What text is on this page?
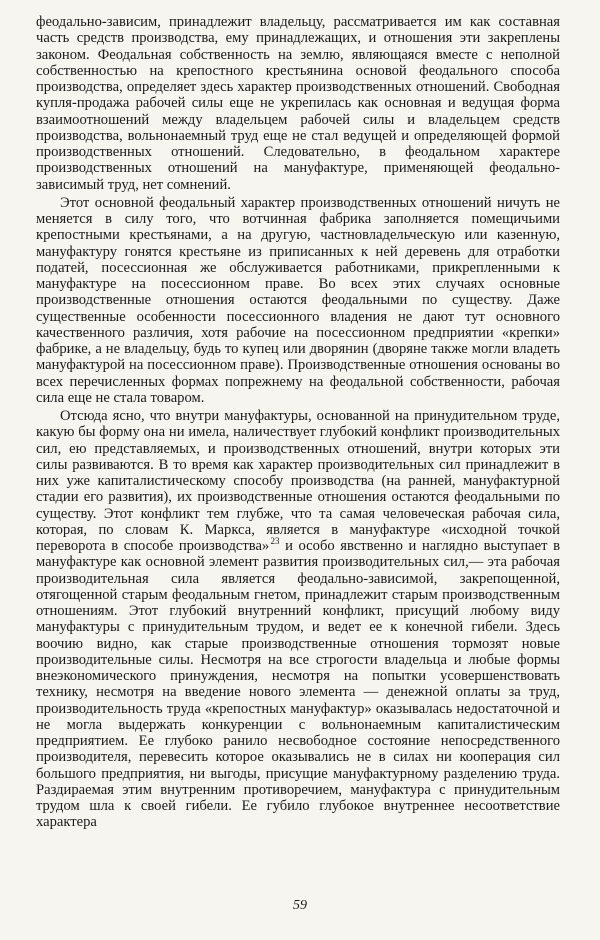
феодально-зависим, принадлежит владельцу, рассматривается им как составная часть средств производства, ему принадлежащих, и отношения эти закреплены законом. Феодальная собственность на землю, являющаяся вместе с неполной собственностью на крепостного крестьянина основой феодального способа производства, определяет здесь характер производственных отношений. Свободная купля-продажа рабочей силы еще не укрепилась как основная и ведущая форма взаимоотношений между владельцем рабочей силы и владельцем средств производства, вольнонаемный труд еще не стал ведущей и определяющей формой производственных отношений. Следовательно, в феодальном характере производственных отношений на мануфактуре, применяющей феодально-зависимый труд, нет сомнений.

Этот основной феодальный характер производственных отношений ничуть не меняется в силу того, что вотчинная фабрика заполняется помещичьими крепостными крестьянами, а на другую, частновладельческую или казенную, мануфактуру гонятся крестьяне из приписанных к ней деревень для отработки податей, посессионная же обслуживается работниками, прикрепленными к мануфактуре на посессионном праве. Во всех этих случаях основные производственные отношения остаются феодальными по существу. Даже существенные особенности посессионного владения не дают тут основного качественного различия, хотя рабочие на посессионном предприятии «крепки» фабрике, а не владельцу, будь то купец или дворянин (дворяне также могли владеть мануфактурой на посессионном праве). Производственные отношения основаны во всех перечисленных формах попрежнему на феодальной собственности, рабочая сила еще не стала товаром.

Отсюда ясно, что внутри мануфактуры, основанной на принудительном труде, какую бы форму она ни имела, наличествует глубокий конфликт производительных сил, ею представляемых, и производственных отношений, внутри которых эти силы развиваются. В то время как характер производительных сил принадлежит в них уже капиталистическому способу производства (на ранней, мануфактурной стадии его развития), их производственные отношения остаются феодальными по существу. Этот конфликт тем глубже, что та самая человеческая рабочая сила, которая, по словам К. Маркса, является в мануфактуре «исходной точкой переворота в способе производства» $^{23}$ и особо явственно и наглядно выступает в мануфактуре как основной элемент развития производительных сил,— эта рабочая производительная сила является феодально-зависимой, закрепощенной, отягощенной старым феодальным гнетом, принадлежит старым производственным отношениям. Этот глубокий внутренний конфликт, присущий любому виду мануфактуры с принудительным трудом, и ведет ее к конечной гибели. Здесь воочию видно, как старые производственные отношения тормозят новые производительные силы. Несмотря на все строгости владельца и любые формы внеэкономического принуждения, несмотря на попытки усовершенствовать технику, несмотря на введение нового элемента — денежной оплаты за труд, производительность труда «крепостных мануфактур» оказывалась недостаточной и не могла выдержать конкуренции с вольнонаемным капиталистическим предприятием. Ее глубоко ранило несвободное состояние непосредственного производителя, перевесить которое оказывались не в силах ни кооперация сил большого предприятия, ни выгоды, присущие мануфактурному разделению труда. Раздираемая этим внутренним противоречием, мануфактура с принудительным трудом шла к своей гибели. Ее губило глубокое внутреннее несоответствие характера

59
